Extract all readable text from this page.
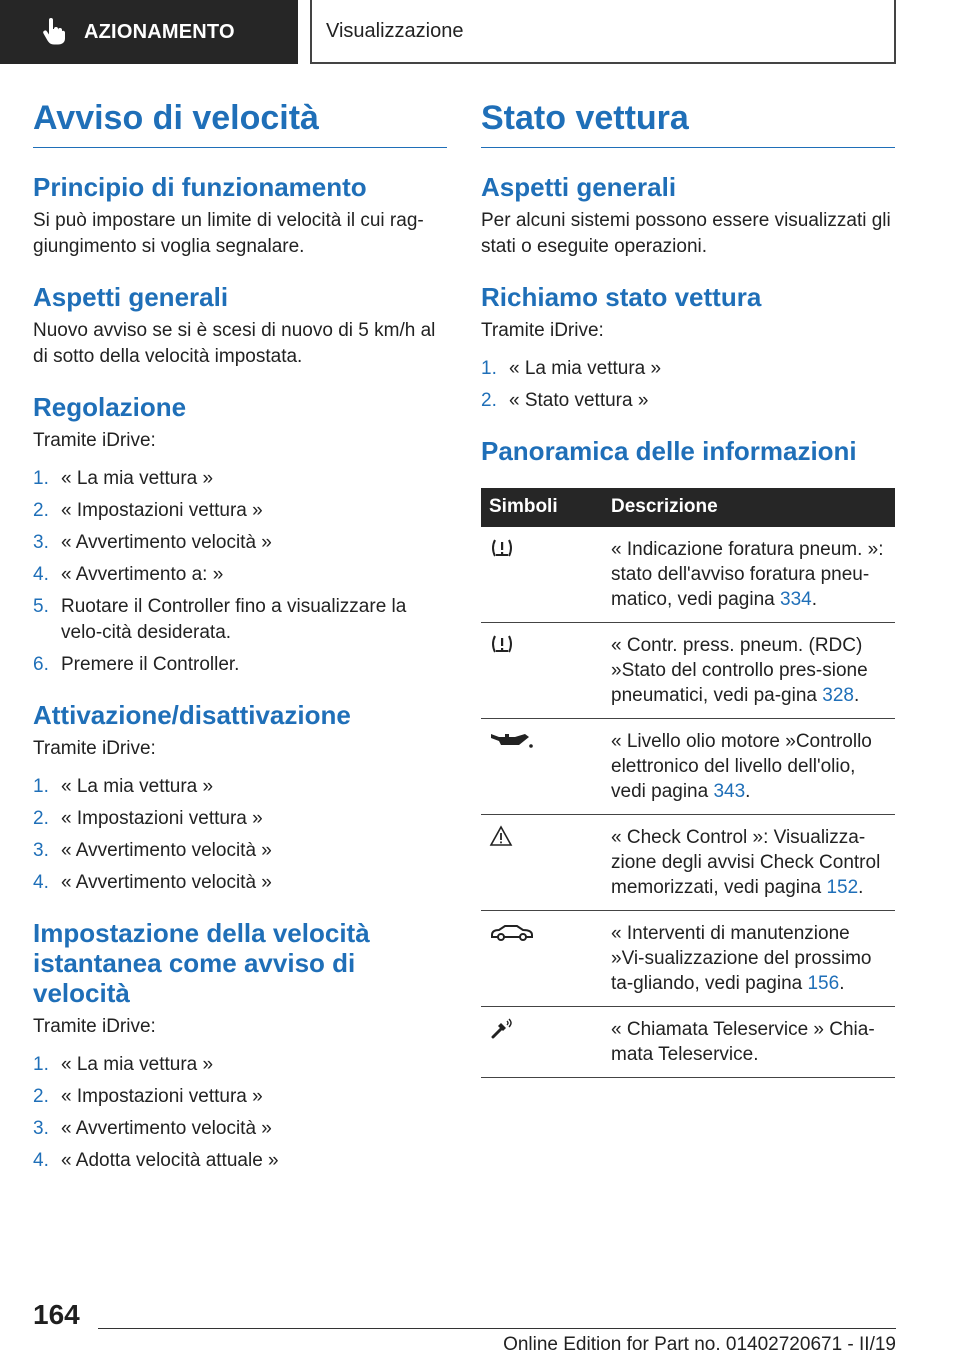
AZIONAMENTO	Visualizzazione
Avviso di velocità
Principio di funzionamento

Si può impostare un limite di velocità il cui rag‐giungimento si voglia segnalare.

Aspetti generali

Nuovo avviso se si è scesi di nuovo di 5 km/h al di sotto della velocità impostata.

Regolazione

Tramite iDrive:

1. « La mia vettura »
2. « Impostazioni vettura »
3. « Avvertimento velocità »
4. « Avvertimento a: »
5. Ruotare il Controller fino a visualizzare la velo‐cità desiderata.
6. Premere il Controller.
Attivazione/disattivazione

Tramite iDrive:

1. « La mia vettura »
2. « Impostazioni vettura »
3. « Avvertimento velocità »
4. « Avvertimento velocità »
Impostazione della velocità istantanea come avviso di velocità

Tramite iDrive:

1. « La mia vettura »
2. « Impostazioni vettura »
3. « Avvertimento velocità »
4. « Adotta velocità attuale »
Stato vettura
Aspetti generali

Per alcuni sistemi possono essere visualizzati gli stati o eseguite operazioni.

Richiamo stato vettura

Tramite iDrive:

1. « La mia vettura »
2. « Stato vettura »
Panoramica delle informazioni
Simboli	Descrizione
	« Indicazione foratura pneum. »: stato dell'avviso foratura pneu‐matico, vedi pagina 334.
	« Contr. press. pneum. (RDC) »Stato del controllo pres‐sione pneumatici, vedi pa‐gina 328.
	« Livello olio motore »Controllo elettronico del livello dell'olio, vedi pagina 343.
	« Check Control »: Visualizza‐zione degli avvisi Check Control memorizzati, vedi pagina 152.
	« Interventi di manutenzione »Vi‐sualizzazione del prossimo ta‐gliando, vedi pagina 156.
	« Chiamata Teleservice » Chia‐mata Teleservice.
164
Online Edition for Part no. 01402720671 - II/19
